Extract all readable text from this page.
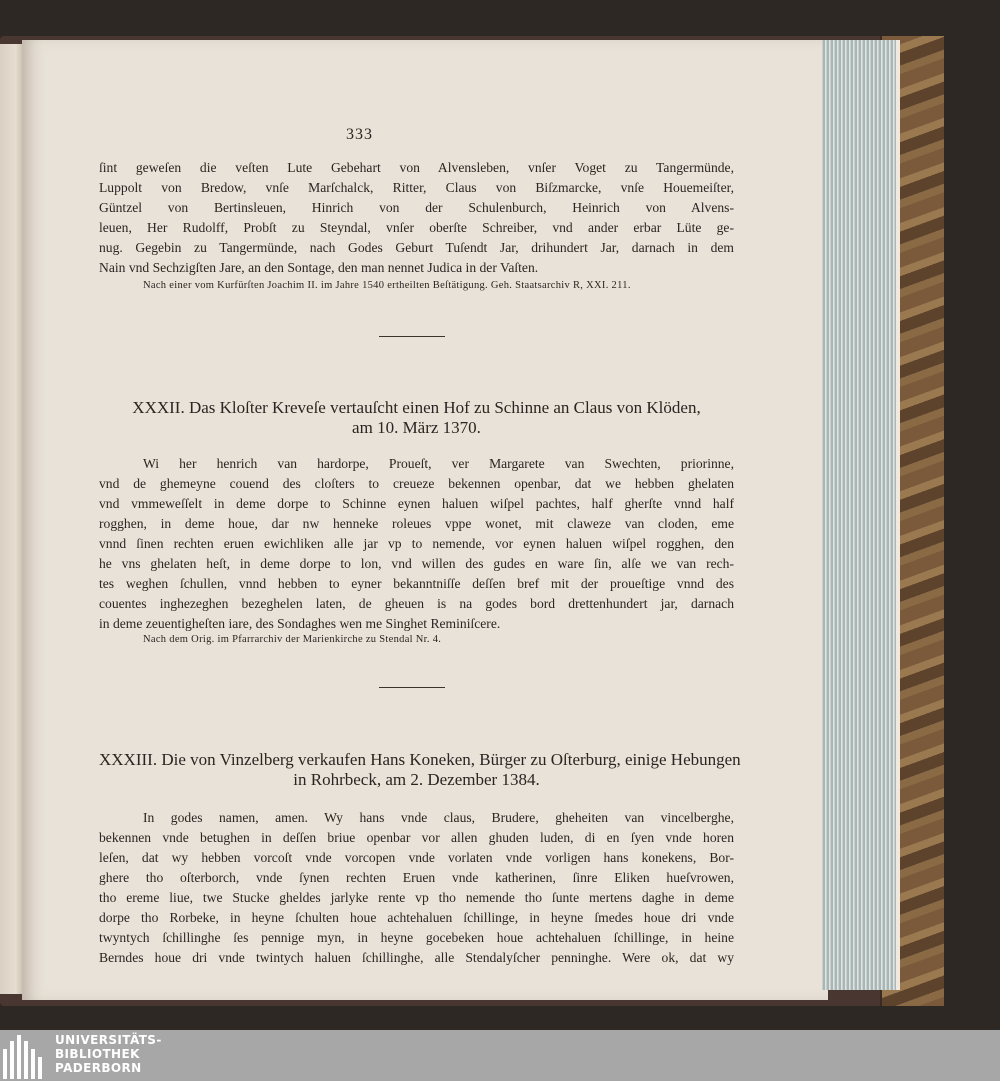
333
ſint geweſen die veſten Lute Gebehart von Alvensleben, vnſer Voget zu Tangermünde,
Luppolt von Bredow, vnſe Marſchalck, Ritter, Claus von Biſzmarcke, vnſe Houemeiſter,
Güntzel von Bertinsleuen, Hinrich von der Schulenburch, Heinrich von Alvens-
leuen, Her Rudolff, Probſt zu Steyndal, vnſer oberſte Schreiber, vnd ander erbar Lüte ge-
nug. Gegebin zu Tangermünde, nach Godes Geburt Tuſendt Jar, drihundert Jar, darnach in dem
Nain vnd Sechzigſten Jare, an den Sontage, den man nennet Judica in der Vaſten.
Nach einer vom Kurfürſten Joachim II. im Jahre 1540 ertheilten Beſtätigung. Geh. Staatsarchiv R, XXI. 211.
XXXII. Das Kloſter Kreveſe vertauſcht einen Hof zu Schinne an Claus von Klöden,
am 10. März 1370.
Wi her henrich van hardorpe, Proueſt, ver Margarete van Swechten, priorinne,
vnd de ghemeyne couend des cloſters to creueze bekennen openbar, dat we hebben ghelaten
vnd vmmeweſſelt in deme dorpe to Schinne eynen haluen wiſpel pachtes, half gherſte vnnd half
rogghen, in deme houe, dar nw henneke roleues vppe wonet, mit claweze van cloden, eme
vnnd ſinen rechten eruen ewichliken alle jar vp to nemende, vor eynen haluen wiſpel rogghen, den
he vns ghelaten heſt, in deme dorpe to lon, vnd willen des gudes en ware ſin, alſe we van rech-
tes weghen ſchullen, vnnd hebben to eyner bekanntniſſe deſſen bref mit der proueſtige vnnd des
couentes inghezeghen bezeghelen laten, de gheuen is na godes bord drettenhundert jar, darnach
in deme zeuentigheſten iare, des Sondaghes wen me Singhet Reminiſcere.
Nach dem Orig. im Pfarrarchiv der Marienkirche zu Stendal Nr. 4.
XXXIII. Die von Vinzelberg verkaufen Hans Koneken, Bürger zu Oſterburg, einige Hebungen
in Rohrbeck, am 2. Dezember 1384.
In godes namen, amen. Wy hans vnde claus, Brudere, gheheiten van vincelberghe,
bekennen vnde betughen in deſſen briue openbar vor allen ghuden luden, di en ſyen vnde horen
leſen, dat wy hebben vorcoſt vnde vorcopen vnde vorlaten vnde vorligen hans konekens, Bor-
ghere tho oſterborch, vnde ſynen rechten Eruen vnde katherinen, ſinre Eliken hueſvrowen,
tho ereme liue, twe Stucke gheldes jarlyke rente vp tho nemende tho ſunte mertens daghe in deme
dorpe tho Rorbeke, in heyne ſchulten houe achtehaluen ſchillinge, in heyne ſmedes houe dri vnde
twyntych ſchillinghe ſes pennige myn, in heyne gocebeken houe achtehaluen ſchillinge, in heine
Berndes houe dri vnde twintych haluen ſchillinghe, alle Stendalyſcher penninghe. Were ok, dat wy
UNIVERSITÄTS-
BIBLIOTHEK
PADERBORN
